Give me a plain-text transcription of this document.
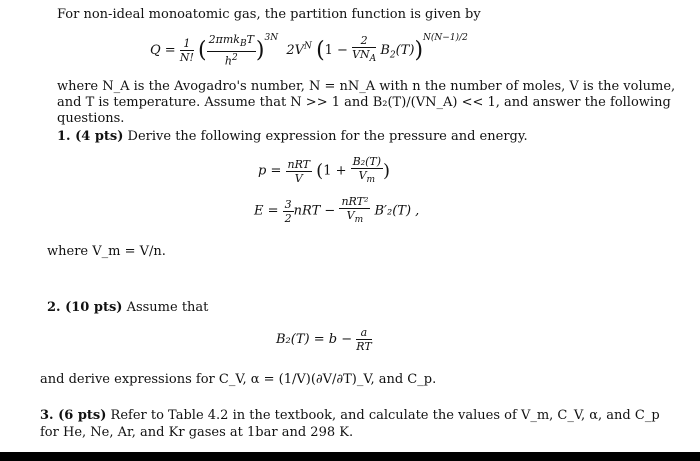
For non-ideal monoatomic gas, the partition function is given by
$Q = \frac{1}{N!}$ ( $\frac{2\pi mk_BT}{h^2} )^{3N}$  $2V^N$ $(1 - \frac{2}{VN_A} B_2(T))^{N(N-1)/2}$
where N_A is the Avogadro's number, N = nN_A with n the number of moles, V is the volume,
and T is temperature. Assume that N >> 1 and B₂(T)/(VN_A) << 1, and answer the following
questions.
1. (4 pts) Derive the following expression for the pressure and energy.
$p = \frac{\text{nRT}}{V} (1 + \frac{\text{B₂(T)}}{V_m}$ )
$E = \frac{3}{2}$ nRT − $\frac{\text{nRT²}}{V_m} B'_2(T)$ ,
where V_m = V/n.
2. (10 pts) Assume that
$B_2(T) = b - \frac{a}{RT}$
and derive expressions for C_V, α = (1/V)(∂V/∂T)_V, and C_p.
3. (6 pts) Refer to Table 4.2 in the textbook, and calculate the values of V_m, C_V, α, and C_p
for He, Ne, Ar, and Kr gases at 1bar and 298 K.
